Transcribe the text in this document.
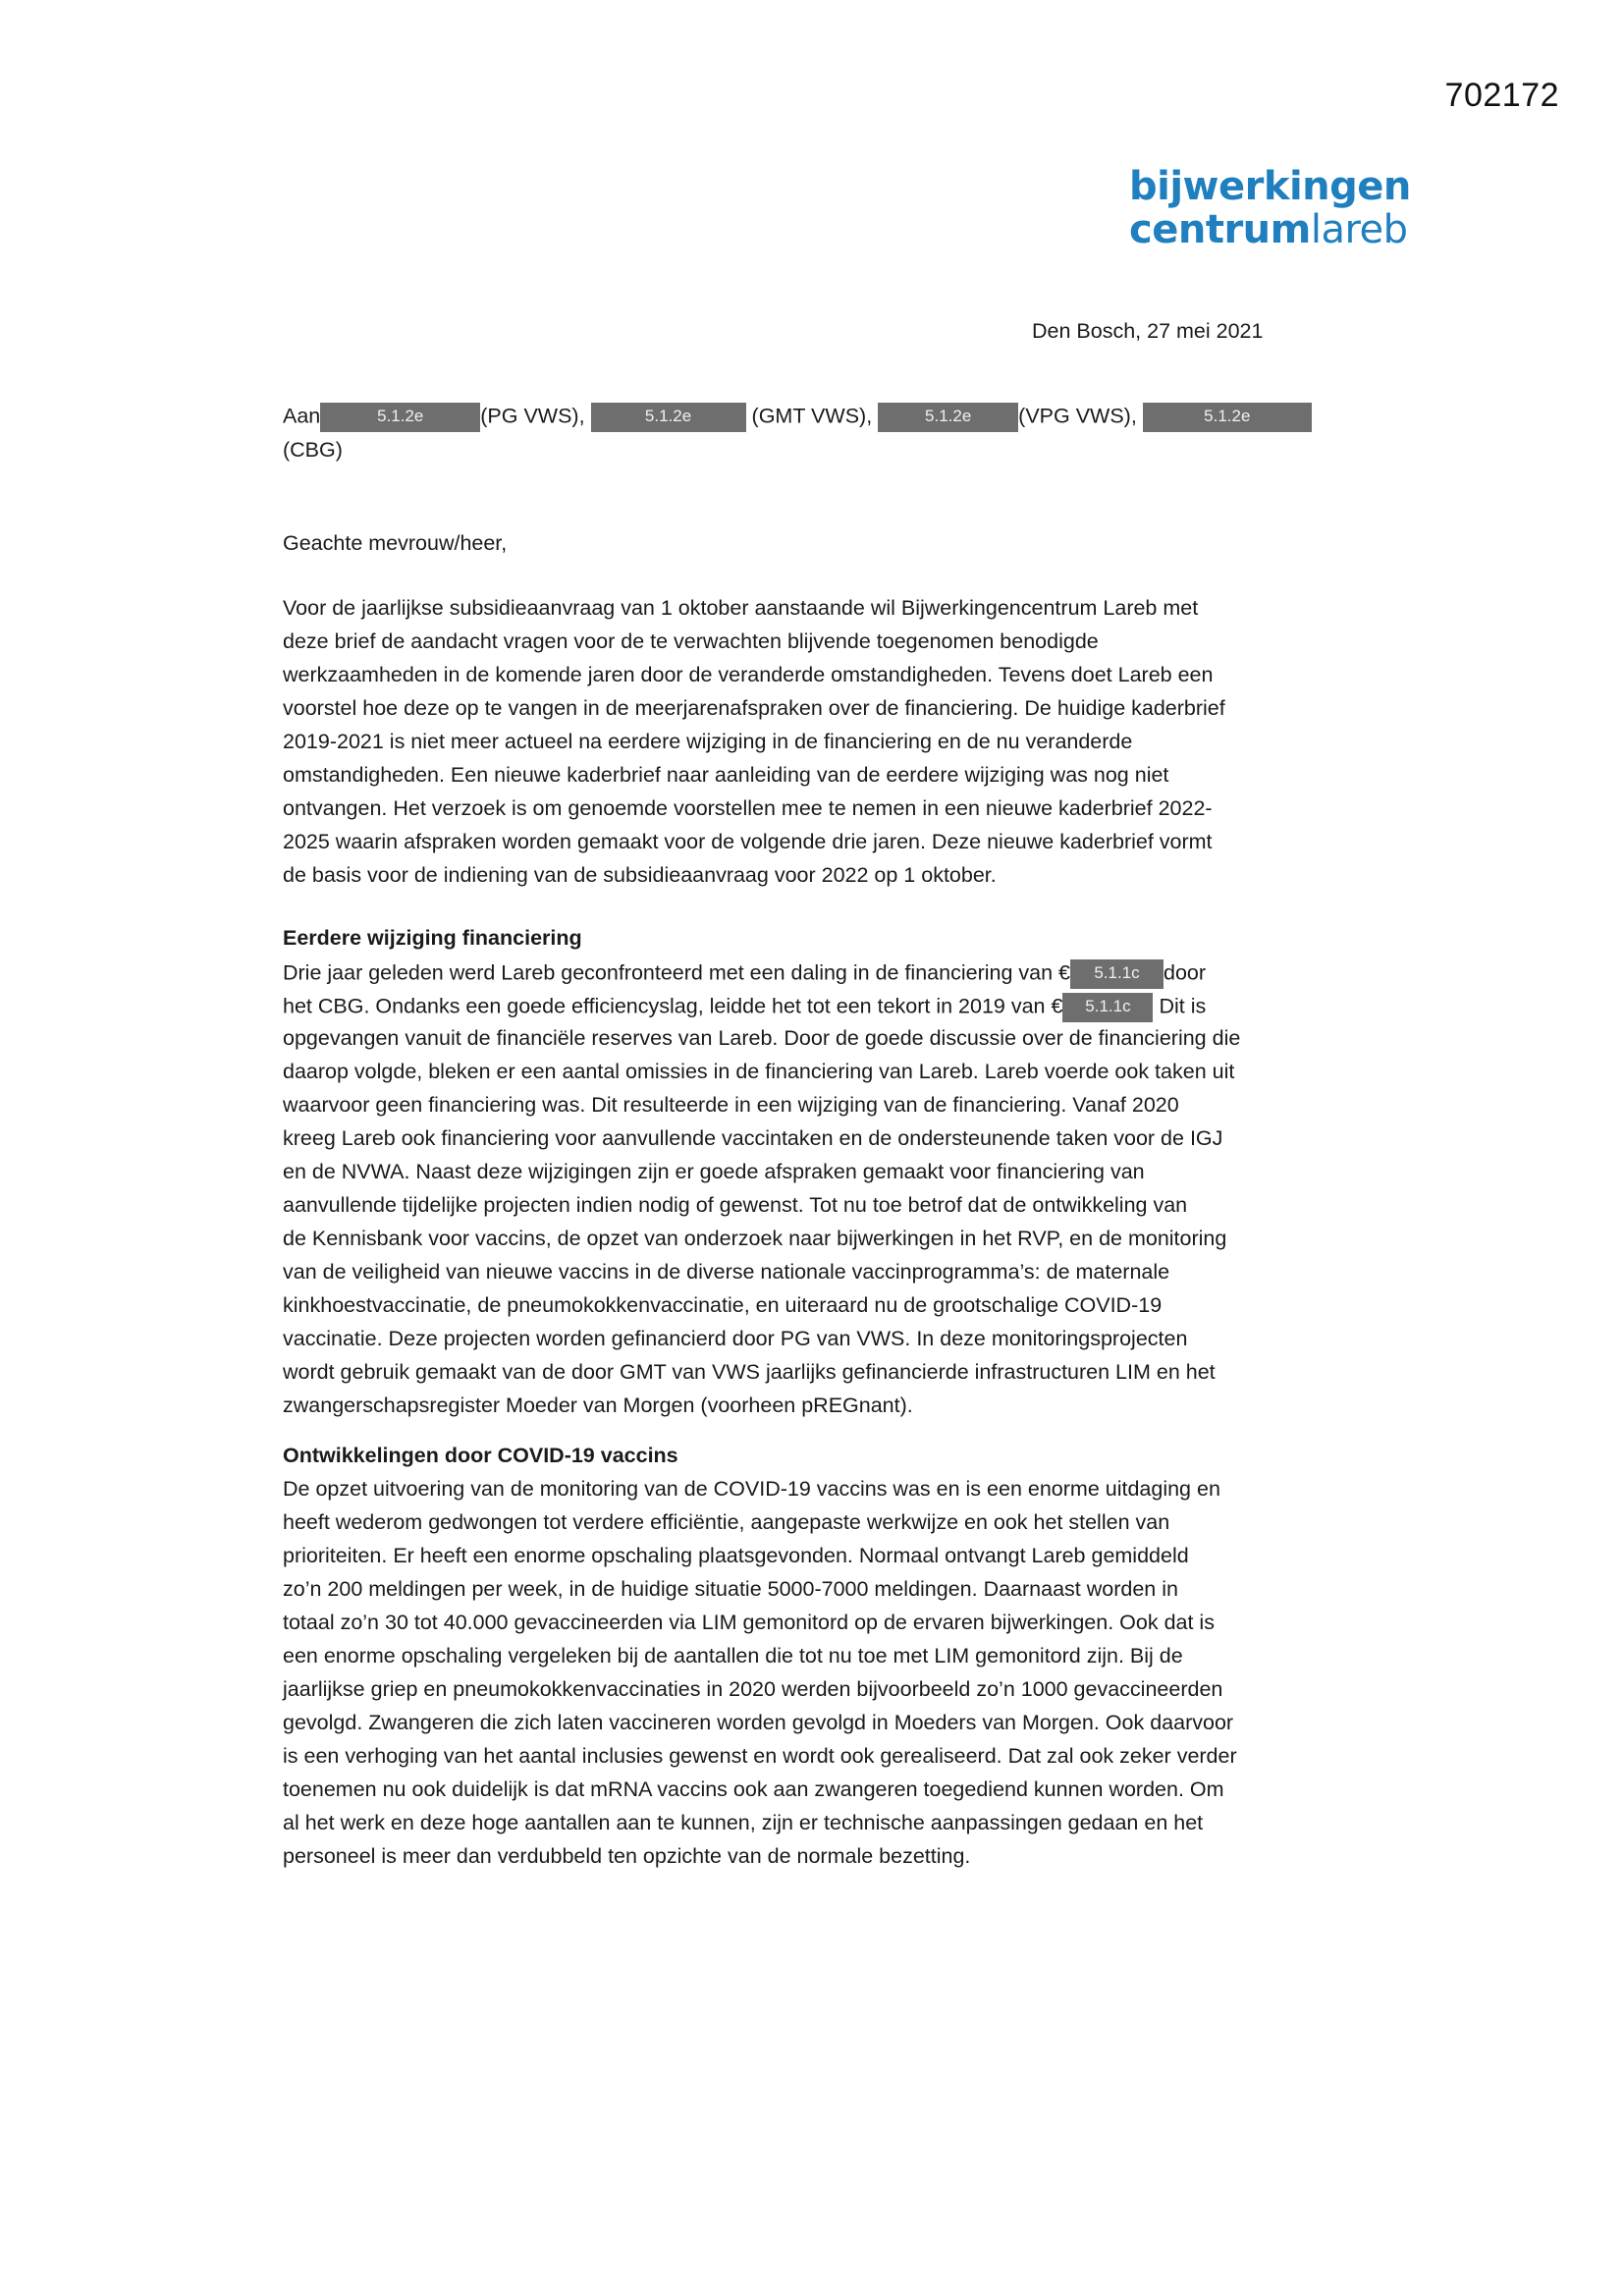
702172
bijwerkingen
centrumlareb
Den Bosch, 27 mei 2021
Aan	5.1.2e	(PG VWS),	5.1.2e	(GMT VWS),	5.1.2e (VPG VWS),	5.1.2e
(CBG)
Geachte mevrouw/heer,
Voor de jaarlijkse subsidieaanvraag van 1 oktober aanstaande wil Bijwerkingencentrum Lareb met
deze brief de aandacht vragen voor de te verwachten blijvende toegenomen benodigde
werkzaamheden in de komende jaren door de veranderde omstandigheden. Tevens doet Lareb een
voorstel hoe deze op te vangen in de meerjarenafspraken over de financiering. De huidige kaderbrief
2019-2021 is niet meer actueel na eerdere wijziging in de financiering en de nu veranderde
omstandigheden. Een nieuwe kaderbrief naar aanleiding van de eerdere wijziging was nog niet
ontvangen. Het verzoek is om genoemde voorstellen mee te nemen in een nieuwe kaderbrief 2022-
2025 waarin afspraken worden gemaakt voor de volgende drie jaren. Deze nieuwe kaderbrief vormt
de basis voor de indiening van de subsidieaanvraag voor 2022 op 1 oktober.
Eerdere wijziging financiering
Drie jaar geleden werd Lareb geconfronteerd met een daling in de financiering van € 5.1.1c door
het CBG. Ondanks een goede efficiencyslag, leidde het tot een tekort in 2019 van € 5.1.1c Dit is
opgevangen vanuit de financiële reserves van Lareb. Door de goede discussie over de financiering die
daarop volgde, bleken er een aantal omissies in de financiering van Lareb. Lareb voerde ook taken uit
waarvoor geen financiering was. Dit resulteerde in een wijziging van de financiering. Vanaf 2020
kreeg Lareb ook financiering voor aanvullende vaccintaken en de ondersteunende taken voor de IGJ
en de NVWA. Naast deze wijzigingen zijn er goede afspraken gemaakt voor financiering van
aanvullende tijdelijke projecten indien nodig of gewenst. Tot nu toe betrof dat de ontwikkeling van
de Kennisbank voor vaccins, de opzet van onderzoek naar bijwerkingen in het RVP, en de monitoring
van de veiligheid van nieuwe vaccins in de diverse nationale vaccinprogramma’s: de maternale
kinkhoestvaccinatie, de pneumokokkenvaccinatie, en uiteraard nu de grootschalige COVID-19
vaccinatie. Deze projecten worden gefinancierd door PG van VWS. In deze monitoringsprojecten
wordt gebruik gemaakt van de door GMT van VWS jaarlijks gefinancierde infrastructuren LIM en het
zwangerschapsregister Moeder van Morgen (voorheen pREGnant).
Ontwikkelingen door COVID-19 vaccins
De opzet uitvoering van de monitoring van de COVID-19 vaccins was en is een enorme uitdaging en
heeft wederom gedwongen tot verdere efficiëntie, aangepaste werkwijze en ook het stellen van
prioriteiten. Er heeft een enorme opschaling plaatsgevonden. Normaal ontvangt Lareb gemiddeld
zo’n 200 meldingen per week, in de huidige situatie 5000-7000 meldingen. Daarnaast worden in
totaal zo’n 30 tot 40.000 gevaccineerden via LIM gemonitord op de ervaren bijwerkingen. Ook dat is
een enorme opschaling vergeleken bij de aantallen die tot nu toe met LIM gemonitord zijn. Bij de
jaarlijkse griep en pneumokokkenvaccinaties in 2020 werden bijvoorbeeld zo’n 1000 gevaccineerden
gevolgd. Zwangeren die zich laten vaccineren worden gevolgd in Moeders van Morgen. Ook daarvoor
is een verhoging van het aantal inclusies gewenst en wordt ook gerealiseerd. Dat zal ook zeker verder
toenemen nu ook duidelijk is dat mRNA vaccins ook aan zwangeren toegediend kunnen worden. Om
al het werk en deze hoge aantallen aan te kunnen, zijn er technische aanpassingen gedaan en het
personeel is meer dan verdubbeld ten opzichte van de normale bezetting.
